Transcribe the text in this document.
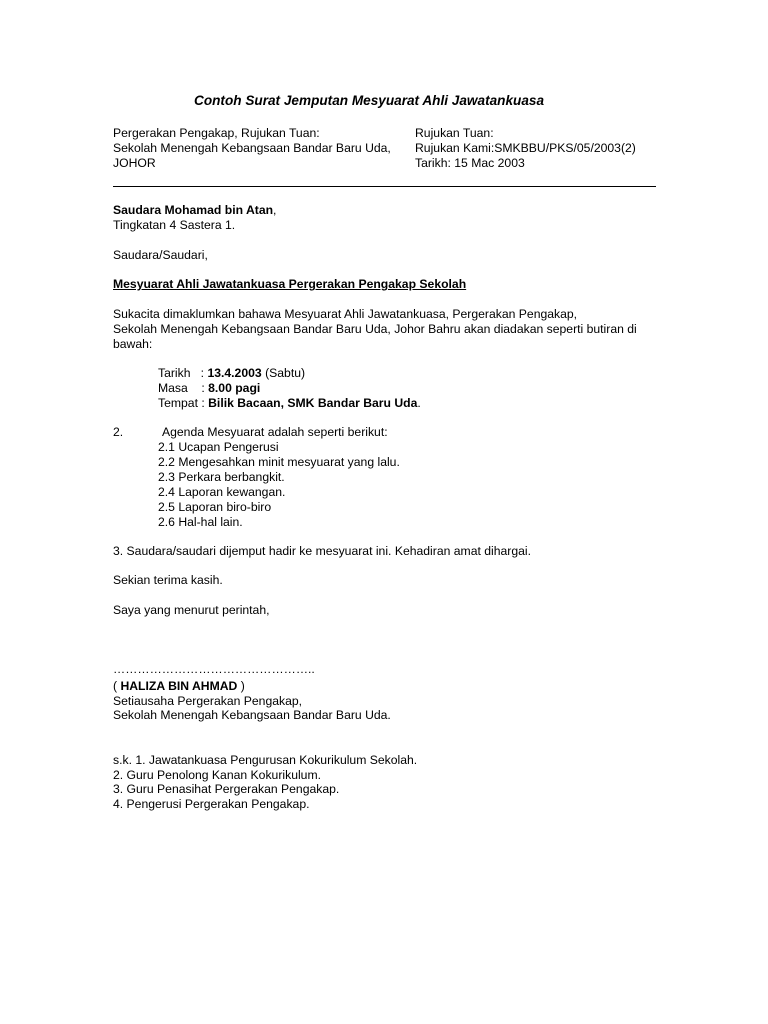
Contoh Surat Jemputan Mesyuarat Ahli Jawatankuasa
Pergerakan Pengakap, Rujukan Tuan:
Sekolah Menengah Kebangsaan Bandar Baru Uda,
JOHOR
Rujukan Tuan:
Rujukan Kami:SMKBBU/PKS/05/2003(2)
Tarikh: 15 Mac 2003
Saudara Mohamad bin Atan,
Tingkatan 4 Sastera 1.
Saudara/Saudari,
Mesyuarat Ahli Jawatankuasa Pergerakan Pengakap Sekolah
Sukacita dimaklumkan bahawa Mesyuarat Ahli Jawatankuasa, Pergerakan Pengakap,
Sekolah Menengah Kebangsaan Bandar Baru Uda, Johor Bahru akan diadakan seperti butiran di
bawah:
Tarikh   : 13.4.2003 (Sabtu)
Masa    : 8.00 pagi
Tempat : Bilik Bacaan, SMK Bandar Baru Uda.
2.	Agenda Mesyuarat adalah seperti berikut:
2.1 Ucapan Pengerusi
2.2 Mengesahkan minit mesyuarat yang lalu.
2.3 Perkara berbangkit.
2.4 Laporan kewangan.
2.5 Laporan biro-biro
2.6 Hal-hal lain.
3. Saudara/saudari dijemput hadir ke mesyuarat ini. Kehadiran amat dihargai.
Sekian terima kasih.
Saya yang menurut perintah,
…………………………………………..
( HALIZA BIN AHMAD )
Setiausaha Pergerakan Pengakap,
Sekolah Menengah Kebangsaan Bandar Baru Uda.
s.k. 1. Jawatankuasa Pengurusan Kokurikulum Sekolah.
2. Guru Penolong Kanan Kokurikulum.
3. Guru Penasihat Pergerakan Pengakap.
4. Pengerusi Pergerakan Pengakap.
